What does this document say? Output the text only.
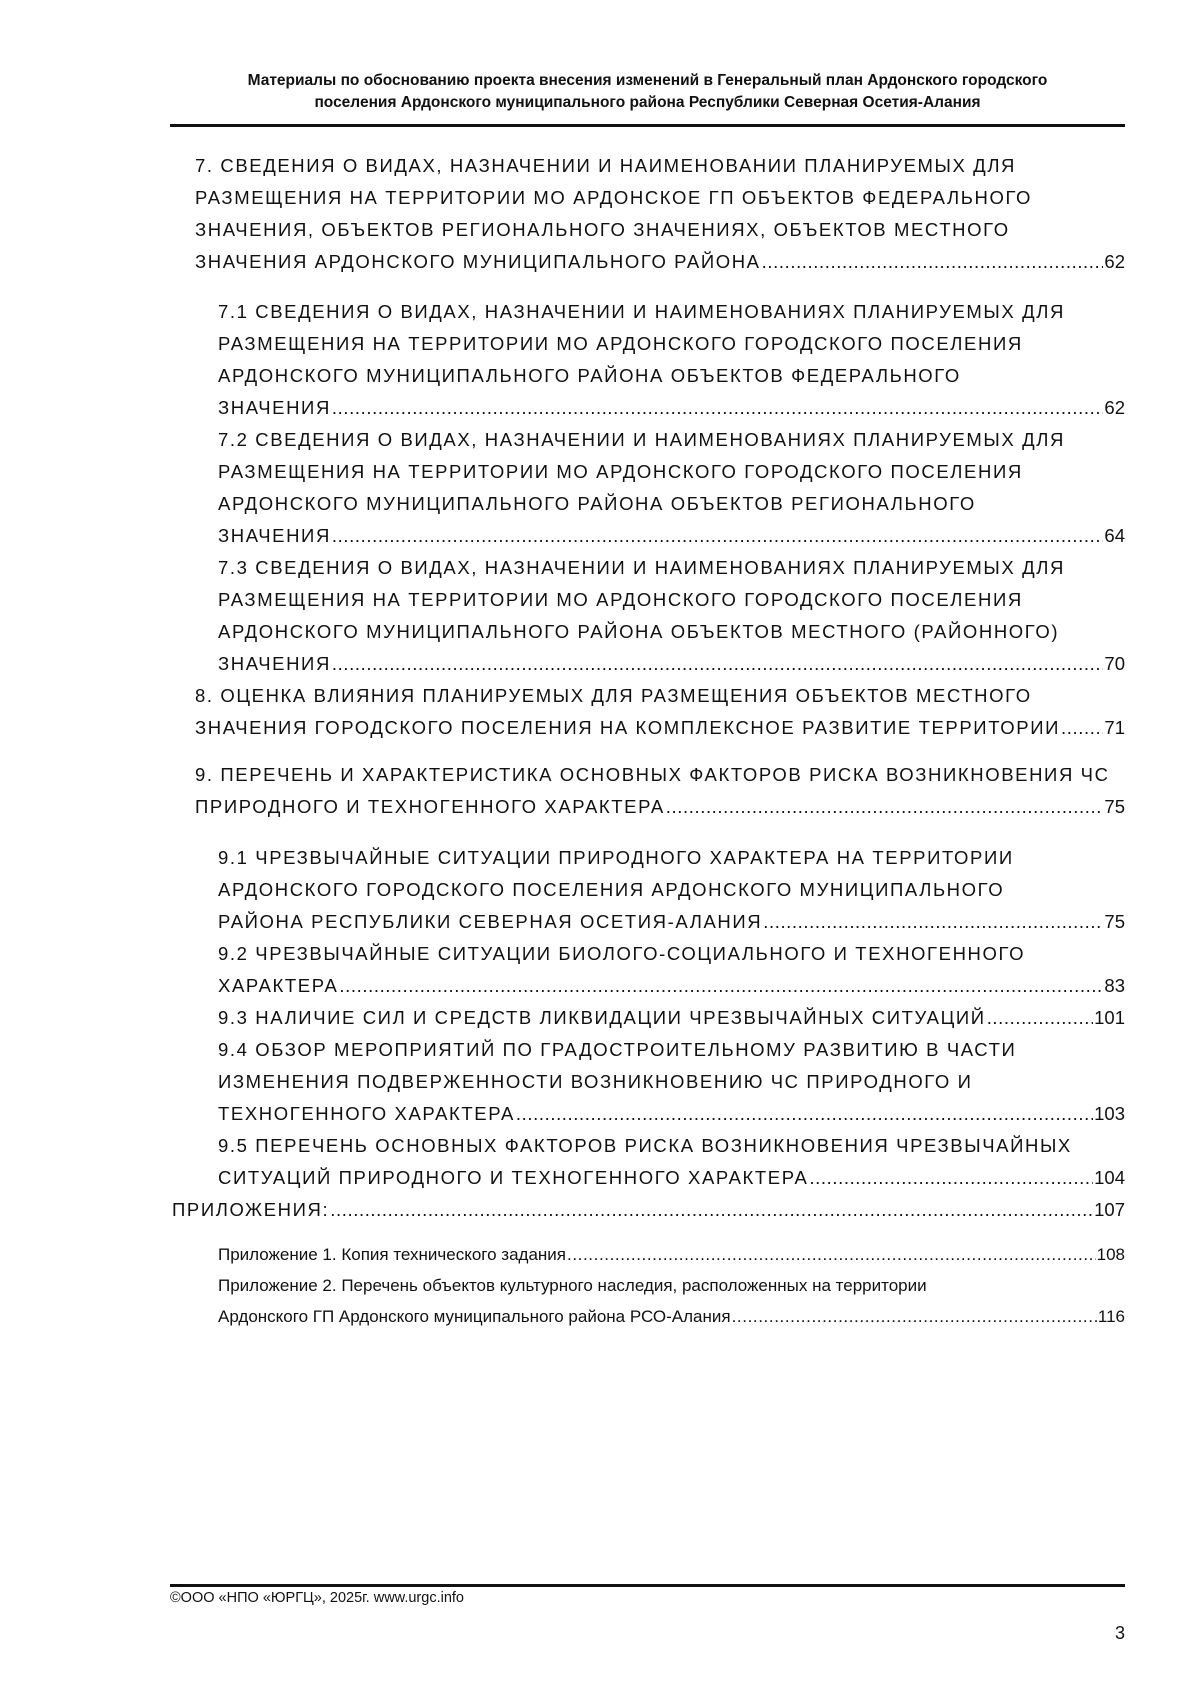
Материалы по обоснованию проекта внесения изменений в Генеральный план Ардонского городского
поселения Ардонского муниципального района Республики Северная Осетия-Алания
7. СВЕДЕНИЯ О ВИДАХ, НАЗНАЧЕНИИ И НАИМЕНОВАНИИ ПЛАНИРУЕМЫХ ДЛЯ
РАЗМЕЩЕНИЯ НА ТЕРРИТОРИИ МО АРДОНСКОЕ ГП ОБЪЕКТОВ ФЕДЕРАЛЬНОГО
ЗНАЧЕНИЯ, ОБЪЕКТОВ РЕГИОНАЛЬНОГО ЗНАЧЕНИЯХ, ОБЪЕКТОВ МЕСТНОГО
ЗНАЧЕНИЯ АРДОНСКОГО МУНИЦИПАЛЬНОГО РАЙОНА .....	62
7.1 СВЕДЕНИЯ О ВИДАХ, НАЗНАЧЕНИИ И НАИМЕНОВАНИЯХ ПЛАНИРУЕМЫХ ДЛЯ
РАЗМЕЩЕНИЯ НА ТЕРРИТОРИИ МО АРДОНСКОГО ГОРОДСКОГО ПОСЕЛЕНИЯ
АРДОНСКОГО МУНИЦИПАЛЬНОГО РАЙОНА ОБЪЕКТОВ ФЕДЕРАЛЬНОГО
ЗНАЧЕНИЯ .....	62
7.2 СВЕДЕНИЯ О ВИДАХ, НАЗНАЧЕНИИ И НАИМЕНОВАНИЯХ ПЛАНИРУЕМЫХ ДЛЯ
РАЗМЕЩЕНИЯ НА ТЕРРИТОРИИ МО АРДОНСКОГО ГОРОДСКОГО ПОСЕЛЕНИЯ
АРДОНСКОГО МУНИЦИПАЛЬНОГО РАЙОНА ОБЪЕКТОВ РЕГИОНАЛЬНОГО
ЗНАЧЕНИЯ .....	64
7.3 СВЕДЕНИЯ О ВИДАХ, НАЗНАЧЕНИИ И НАИМЕНОВАНИЯХ ПЛАНИРУЕМЫХ ДЛЯ
РАЗМЕЩЕНИЯ НА ТЕРРИТОРИИ МО АРДОНСКОГО ГОРОДСКОГО ПОСЕЛЕНИЯ
АРДОНСКОГО МУНИЦИПАЛЬНОГО РАЙОНА ОБЪЕКТОВ МЕСТНОГО (РАЙОННОГО)
ЗНАЧЕНИЯ .....	70
8. ОЦЕНКА ВЛИЯНИЯ ПЛАНИРУЕМЫХ ДЛЯ РАЗМЕЩЕНИЯ ОБЪЕКТОВ МЕСТНОГО
ЗНАЧЕНИЯ ГОРОДСКОГО ПОСЕЛЕНИЯ НА КОМПЛЕКСНОЕ РАЗВИТИЕ ТЕРРИТОРИИ ..... 71
9. ПЕРЕЧЕНЬ И ХАРАКТЕРИСТИКА ОСНОВНЫХ ФАКТОРОВ РИСКА ВОЗНИКНОВЕНИЯ ЧС
ПРИРОДНОГО И ТЕХНОГЕННОГО ХАРАКТЕРА .....	75
9.1 ЧРЕЗВЫЧАЙНЫЕ СИТУАЦИИ ПРИРОДНОГО ХАРАКТЕРА НА ТЕРРИТОРИИ
АРДОНСКОГО ГОРОДСКОГО ПОСЕЛЕНИЯ АРДОНСКОГО МУНИЦИПАЛЬНОГО
РАЙОНА РЕСПУБЛИКИ СЕВЕРНАЯ ОСЕТИЯ-АЛАНИЯ .....	75
9.2 ЧРЕЗВЫЧАЙНЫЕ СИТУАЦИИ БИОЛОГО-СОЦИАЛЬНОГО И ТЕХНОГЕННОГО
ХАРАКТЕРА .....	83
9.3 НАЛИЧИЕ СИЛ И СРЕДСТВ ЛИКВИДАЦИИ ЧРЕЗВЫЧАЙНЫХ СИТУАЦИЙ .....	101
9.4 ОБЗОР МЕРОПРИЯТИЙ ПО ГРАДОСТРОИТЕЛЬНОМУ РАЗВИТИЮ В ЧАСТИ
ИЗМЕНЕНИЯ ПОДВЕРЖЕННОСТИ ВОЗНИКНОВЕНИЮ ЧС ПРИРОДНОГО И
ТЕХНОГЕННОГО ХАРАКТЕРА .....	103
9.5 ПЕРЕЧЕНЬ ОСНОВНЫХ ФАКТОРОВ РИСКА ВОЗНИКНОВЕНИЯ ЧРЕЗВЫЧАЙНЫХ
СИТУАЦИЙ ПРИРОДНОГО И ТЕХНОГЕННОГО ХАРАКТЕРА .....	104
ПРИЛОЖЕНИЯ: .....	107
Приложение 1. Копия технического задания .....	108
Приложение 2. Перечень объектов культурного наследия, расположенных на территории
Ардонского ГП Ардонского муниципального района РСО-Алания .....	116
©ООО «НПО «ЮРГЦ», 2025г. www.urgc.info
3
